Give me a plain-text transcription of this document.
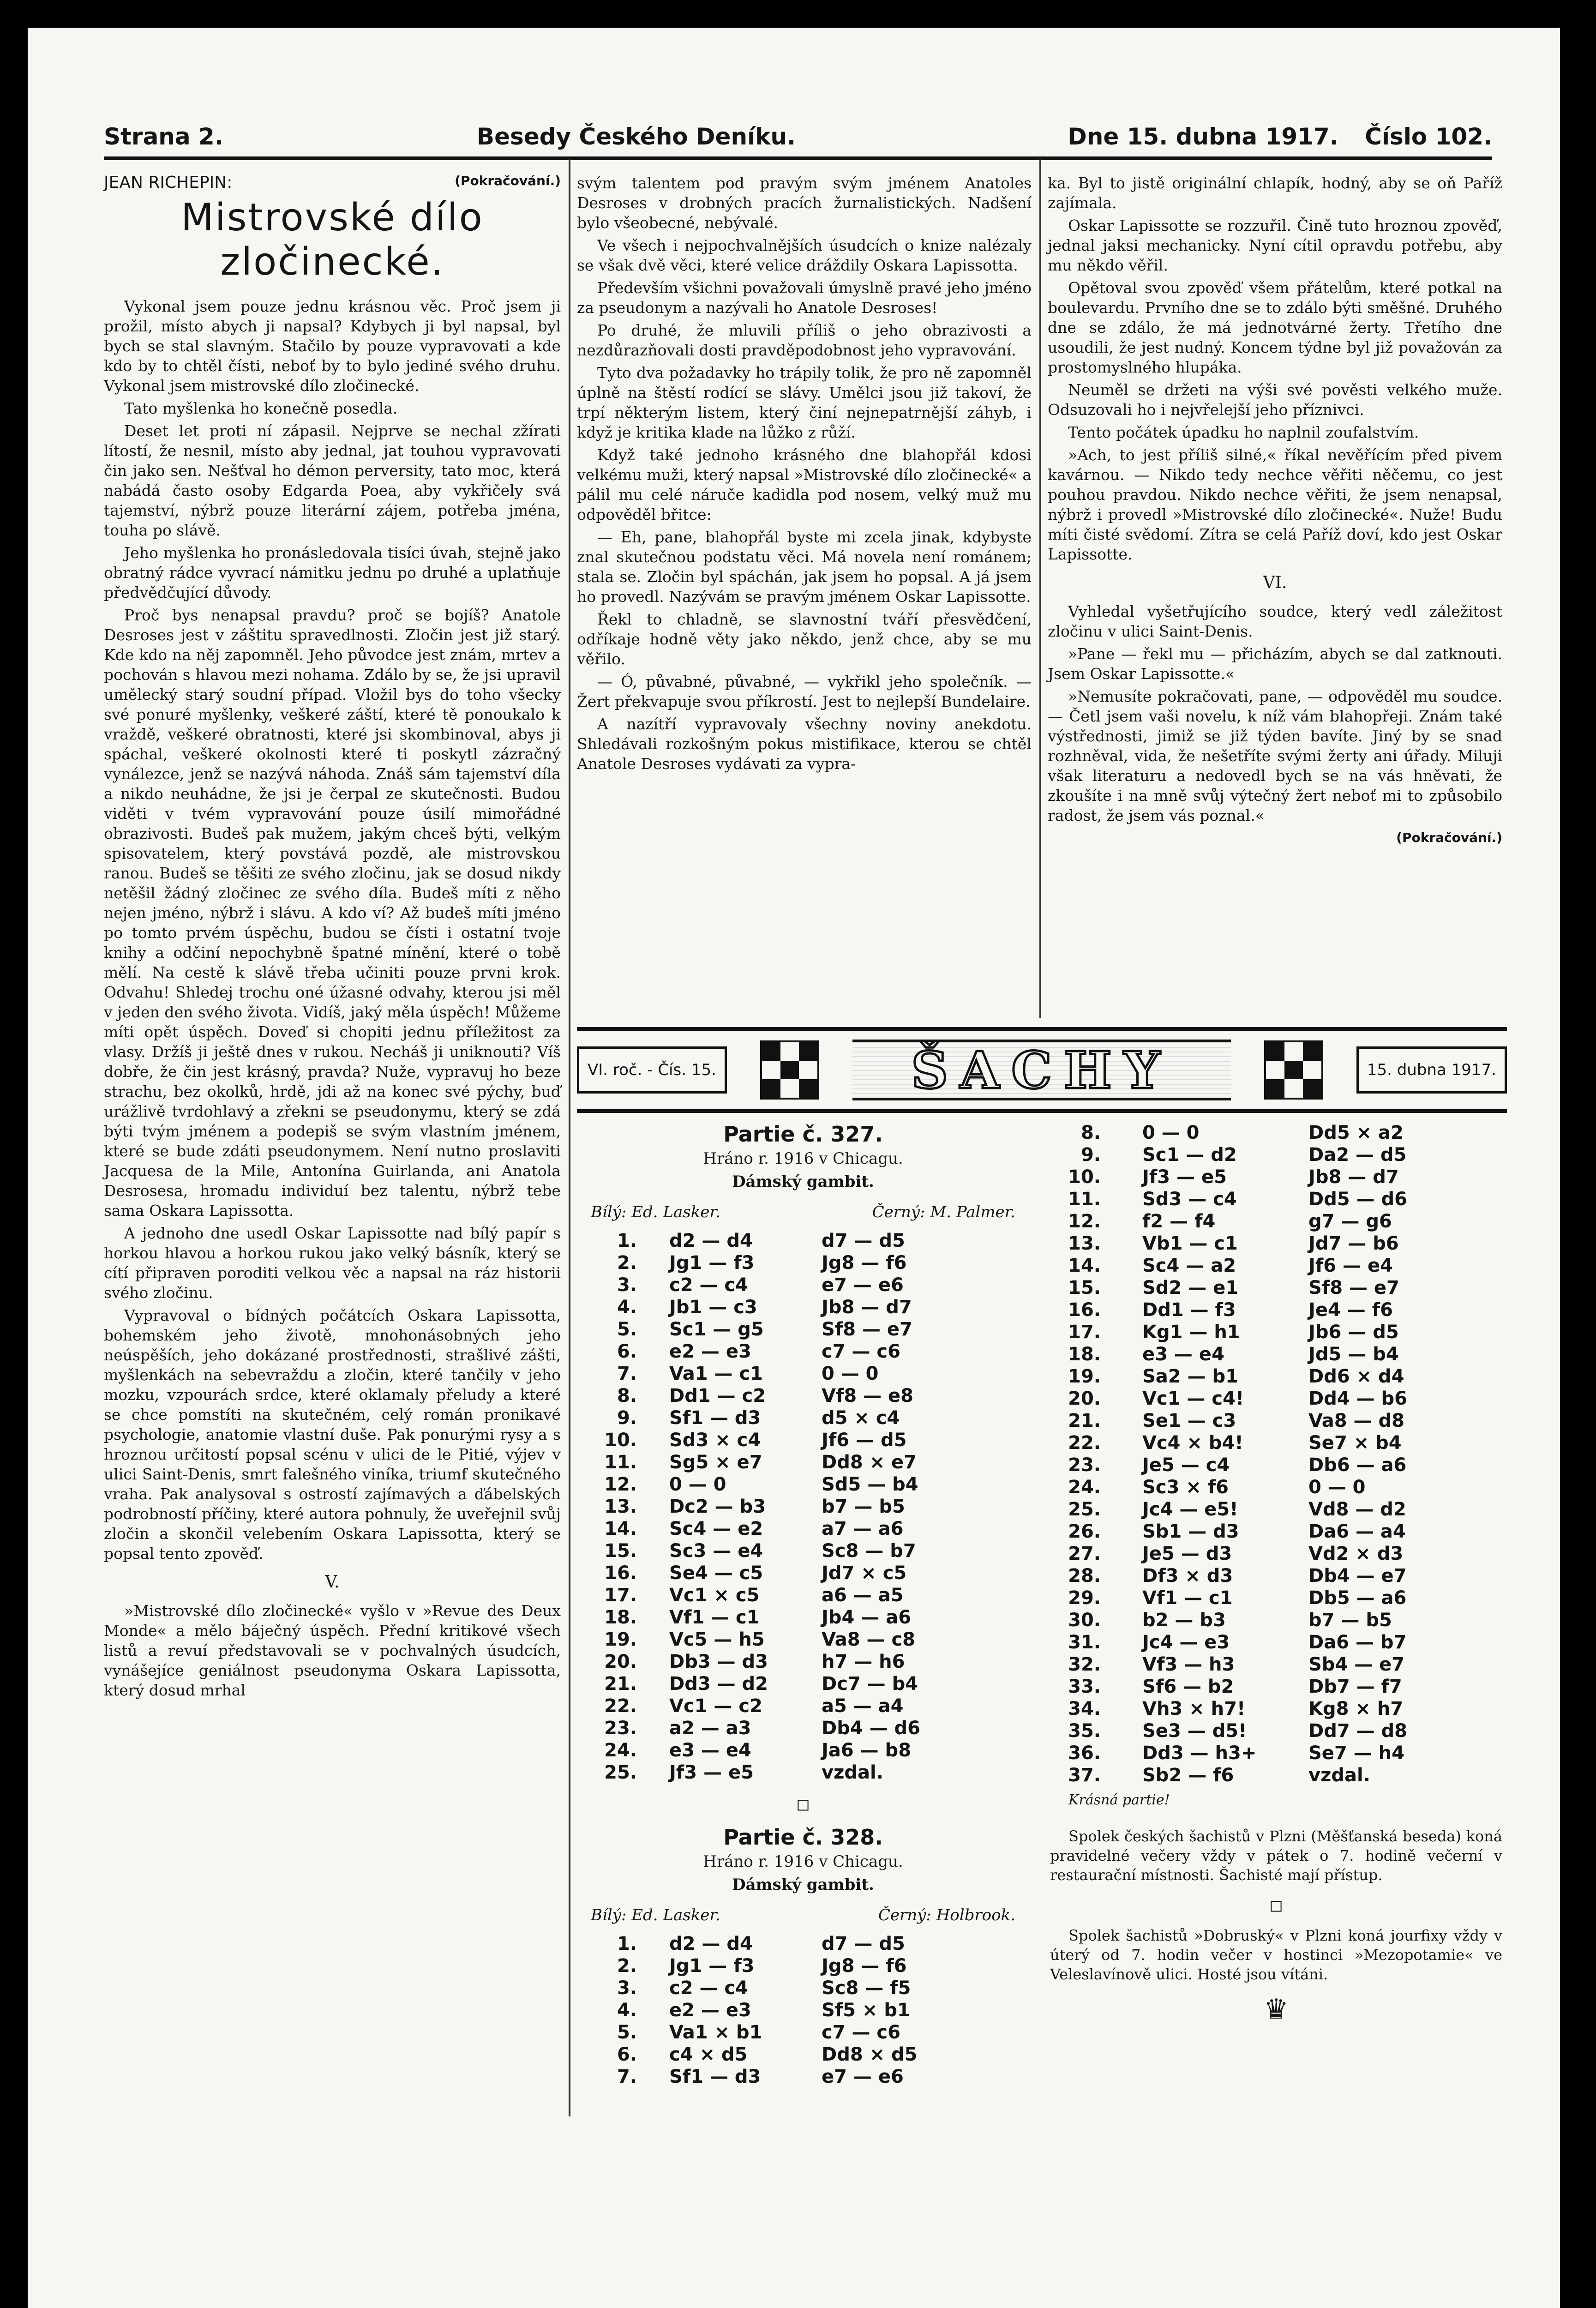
Strana 2.	Besedy Českého Deníku.	Dne 15. dubna 1917. Číslo 102.
JEAN RICHEPIN:	(Pokračování.)
Mistrovské dílo zločinecké.

Vykonal jsem pouze jednu krásnou věc. Proč jsem ji prožil, místo abych ji napsal? Kdybych ji byl napsal, byl bych se stal slavným. Stačilo by pouze vypravovati a kde kdo by to chtěl čísti, neboť by to bylo jediné svého druhu. Vykonal jsem mistrovské dílo zločinecké.

Tato myšlenka ho konečně posedla.

Deset let proti ní zápasil. Nejprve se nechal zžírati lítostí, že nesnil, místo aby jednal, jat touhou vypravovati čin jako sen. Nešťval ho démon perversity, tato moc, která nabádá často osoby Edgarda Poea, aby vykřičely svá tajemství, nýbrž pouze literární zájem, potřeba jména, touha po slávě.

Jeho myšlenka ho pronásledovala tisíci úvah, stejně jako obratný rádce vyvrací námitku jednu po druhé a uplatňuje předvědčující důvody.

Proč bys nenapsal pravdu? proč se bojíš? Anatole Desroses jest v záštitu spravedlnosti. Zločin jest již starý. Kde kdo na něj zapomněl. Jeho původce jest znám, mrtev a pochován s hlavou mezi nohama. Zdálo by se, že jsi upravil umělecký starý soudní případ. Vložil bys do toho všecky své ponuré myšlenky, veškeré záští, které tě ponoukalo k vraždě, veškeré obratnosti, které jsi skombinoval, abys ji spáchal, veškeré okolnosti které ti poskytl zázračný vynálezce, jenž se nazývá náhoda. Znáš sám tajemství díla a nikdo neuhádne, že jsi je čerpal ze skutečnosti. Budou viděti v tvém vypravování pouze úsilí mimořádné obrazivosti. Budeš pak mužem, jakým chceš býti, velkým spisovatelem, který povstává pozdě, ale mistrovskou ranou. Budeš se těšiti ze svého zločinu, jak se dosud nikdy netěšil žádný zločinec ze svého díla. Budeš míti z něho nejen jméno, nýbrž i slávu. A kdo ví? Až budeš míti jméno po tomto prvém úspěchu, budou se čísti i ostatní tvoje knihy a odčiní nepochybně špatné mínění, které o tobě mělí. Na cestě k slávě třeba učiniti pouze prvni krok. Odvahu! Shledej trochu oné úžasné odvahy, kterou jsi měl v jeden den svého života. Vidíš, jaký měla úspěch! Můžeme míti opět úspěch. Doveď si chopiti jednu příležitost za vlasy. Držíš ji ještě dnes v rukou. Necháš ji uniknouti? Víš dobře, že čin jest krásný, pravda? Nuže, vypravuj ho beze strachu, bez okolků, hrdě, jdi až na konec své pýchy, buď urážlivě tvrdohlavý a zřekni se pseudonymu, který se zdá býti tvým jménem a podepiš se svým vlastním jménem, které se bude zdáti pseudonymem. Není nutno proslaviti Jacquesa de la Mile, Antonína Guirlanda, ani Anatola Desrosesa, hromadu individuí bez talentu, nýbrž tebe sama Oskara Lapissotta.

A jednoho dne usedl Oskar Lapissotte nad bílý papír s horkou hlavou a horkou rukou jako velký básník, který se cítí připraven poroditi velkou věc a napsal na ráz historii svého zločinu.

Vypravoval o bídných počátcích Oskara Lapissotta, bohemském jeho životě, mnohonásobných jeho neúspěších, jeho dokázané prostřednosti, strašlivé zášti, myšlenkách na sebevraždu a zločin, které tančily v jeho mozku, vzpourách srdce, které oklamaly přeludy a které se chce pomstíti na skutečném, celý román pronikavé psychologie, anatomie vlastní duše. Pak ponurými rysy a s hroznou určitostí popsal scénu v ulici de le Pitié, výjev v ulici Saint-Denis, smrt falešného viníka, triumf skutečného vraha. Pak analysoval s ostrostí zajímavých a ďábelských podrobností příčiny, které autora pohnuly, že uveřejnil svůj zločin a skončil velebením Oskara Lapissotta, který se popsal tento zpověď.

V.

»Mistrovské dílo zločinecké« vyšlo v »Revue des Deux Monde« a mělo báječný úspěch. Přední kritikové všech listů a revuí představovali se v pochvalných úsudcích, vynášejíce geniálnost pseudonyma Oskara Lapissotta, který dosud mrhal

svým talentem pod pravým svým jménem Anatoles Desroses v drobných pracích žurnalistických. Nadšení bylo všeobecné, nebývalé.

Ve všech i nejpochvalnějších úsudcích o knize nalézaly se však dvě věci, které velice dráždily Oskara Lapissotta.

Především všichni považovali úmyslně pravé jeho jméno za pseudonym a nazývali ho Anatole Desroses!

Po druhé, že mluvili příliš o jeho obrazivosti a nezdůrazňovali dosti pravděpodobnost jeho vypravování.

Tyto dva požadavky ho trápily tolik, že pro ně zapomněl úplně na štěstí rodící se slávy. Umělci jsou již takoví, že trpí některým listem, který činí nejnepatrnější záhyb, i když je kritika klade na lůžko z růží.

Když také jednoho krásného dne blahopřál kdosi velkému muži, který napsal »Mistrovské dílo zločinecké« a pálil mu celé náruče kadidla pod nosem, velký muž mu odpověděl břitce:

— Eh, pane, blahopřál byste mi zcela jinak, kdybyste znal skutečnou podstatu věci. Má novela není románem; stala se. Zločin byl spáchán, jak jsem ho popsal. A já jsem ho provedl. Nazývám se pravým jménem Oskar Lapissotte.

Řekl to chladně, se slavnostní tváří přesvědčení, odříkaje hodně věty jako někdo, jenž chce, aby se mu věřilo.

— Ó, půvabné, půvabné, — vykřikl jeho společník. — Žert překvapuje svou příkrostí. Jest to nejlepší Bundelaire.

A nazítří vypravovaly všechny noviny anekdotu. Shledávali rozkošným pokus mistifikace, kterou se chtěl Anatole Desroses vydávati za vypra-

ka. Byl to jistě originální chlapík, hodný, aby se oň Paříž zajímala.

Oskar Lapissotte se rozzuřil. Čině tuto hroznou zpověď, jednal jaksi mechanicky. Nyní cítil opravdu potřebu, aby mu někdo věřil.

Opětoval svou zpověď všem přátelům, které potkal na boulevardu. Prvního dne se to zdálo býti směšné. Druhého dne se zdálo, že má jednotvárné žerty. Třetího dne usoudili, že jest nudný. Koncem týdne byl již považován za prostomyslného hlupáka.

Neuměl se držeti na výši své pověsti velkého muže. Odsuzovali ho i nejvřelejší jeho příznivci.

Tento počátek úpadku ho naplnil zoufalstvím.

»Ach, to jest příliš silné,« říkal nevěřícím před pivem kavárnou. — Nikdo tedy nechce věřiti něčemu, co jest pouhou pravdou. Nikdo nechce věřiti, že jsem nenapsal, nýbrž i provedl »Mistrovské dílo zločinecké«. Nuže! Budu míti čisté svědomí. Zítra se celá Paříž doví, kdo jest Oskar Lapissotte.

VI.

Vyhledal vyšetřujícího soudce, který vedl záležitost zločinu v ulici Saint-Denis.

»Pane — řekl mu — přicházím, abych se dal zatknouti. Jsem Oskar Lapissotte.«

»Nemusíte pokračovati, pane, — odpověděl mu soudce. — Četl jsem vaši novelu, k níž vám blahopřeji. Znám také výstřednosti, jimiž se již týden bavíte. Jiný by se snad rozhněval, vida, že nešetříte svými žerty ani úřady. Miluji však literaturu a nedovedl bych se na vás hněvati, že zkoušíte i na mně svůj výtečný žert neboť mi to způsobilo radost, že jsem vás poznal.«

(Pokračování.)
VI. roč. - Čís. 15.	ŠACHY	15. dubna 1917.
Partie č. 327.
Hráno r. 1916 v Chicagu.
Dámský gambit.
Bílý: Ed. Lasker.	Černý: M. Palmer.
1.	d2 — d4	d7 — d5
2.	Jg1 — f3	Jg8 — f6
3.	c2 — c4	e7 — e6
4.	Jb1 — c3	Jb8 — d7
5.	Sc1 — g5	Sf8 — e7
6.	e2 — e3	c7 — c6
7.	Va1 — c1	0 — 0
8.	Dd1 — c2	Vf8 — e8
9.	Sf1 — d3	d5 × c4
10.	Sd3 × c4	Jf6 — d5
11.	Sg5 × e7	Dd8 × e7
12.	0 — 0	Sd5 — b4
13.	Dc2 — b3	b7 — b5
14.	Sc4 — e2	a7 — a6
15.	Sc3 — e4	Sc8 — b7
16.	Se4 — c5	Jd7 × c5
17.	Vc1 × c5	a6 — a5
18.	Vf1 — c1	Jb4 — a6
19.	Vc5 — h5	Va8 — c8
20.	Db3 — d3	h7 — h6
21.	Dd3 — d2	Dc7 — b4
22.	Vc1 — c2	a5 — a4
23.	a2 — a3	Db4 — d6
24.	e3 — e4	Ja6 — b8
25.	Jf3 — e5	vzdal.
◻
Partie č. 328.
Hráno r. 1916 v Chicagu.
Dámský gambit.
Bílý: Ed. Lasker.	Černý: Holbrook.
1.	d2 — d4	d7 — d5
2.	Jg1 — f3	Jg8 — f6
3.	c2 — c4	Sc8 — f5
4.	e2 — e3	Sf5 × b1
5.	Va1 × b1	c7 — c6
6.	c4 × d5	Dd8 × d5
7.	Sf1 — d3	e7 — e6
8.	0 — 0	Dd5 × a2
9.	Sc1 — d2	Da2 — d5
10.	Jf3 — e5	Jb8 — d7
11.	Sd3 — c4	Dd5 — d6
12.	f2 — f4	g7 — g6
13.	Vb1 — c1	Jd7 — b6
14.	Sc4 — a2	Jf6 — e4
15.	Sd2 — e1	Sf8 — e7
16.	Dd1 — f3	Je4 — f6
17.	Kg1 — h1	Jb6 — d5
18.	e3 — e4	Jd5 — b4
19.	Sa2 — b1	Dd6 × d4
20.	Vc1 — c4!	Dd4 — b6
21.	Se1 — c3	Va8 — d8
22.	Vc4 × b4!	Se7 × b4
23.	Je5 — c4	Db6 — a6
24.	Sc3 × f6	0 — 0
25.	Jc4 — e5!	Vd8 — d2
26.	Sb1 — d3	Da6 — a4
27.	Je5 — d3	Vd2 × d3
28.	Df3 × d3	Db4 — e7
29.	Vf1 — c1	Db5 — a6
30.	b2 — b3	b7 — b5
31.	Jc4 — e3	Da6 — b7
32.	Vf3 — h3	Sb4 — e7
33.	Sf6 — b2	Db7 — f7
34.	Vh3 × h7!	Kg8 × h7
35.	Se3 — d5!	Dd7 — d8
36.	Dd3 — h3+	Se7 — h4
37.	Sb2 — f6	vzdal.
Krásná partie!

Spolek českých šachistů v Plzni (Měšťanská beseda) koná pravidelné večery vždy v pátek o 7. hodině večerní v restaurační místnosti. Šachisté mají přístup.

◻

Spolek šachistů »Dobruský« v Plzni koná jourfixy vždy v úterý od 7. hodin večer v hostinci »Mezopotamie« ve Veleslavínově ulici. Hosté jsou vítáni.

♛
